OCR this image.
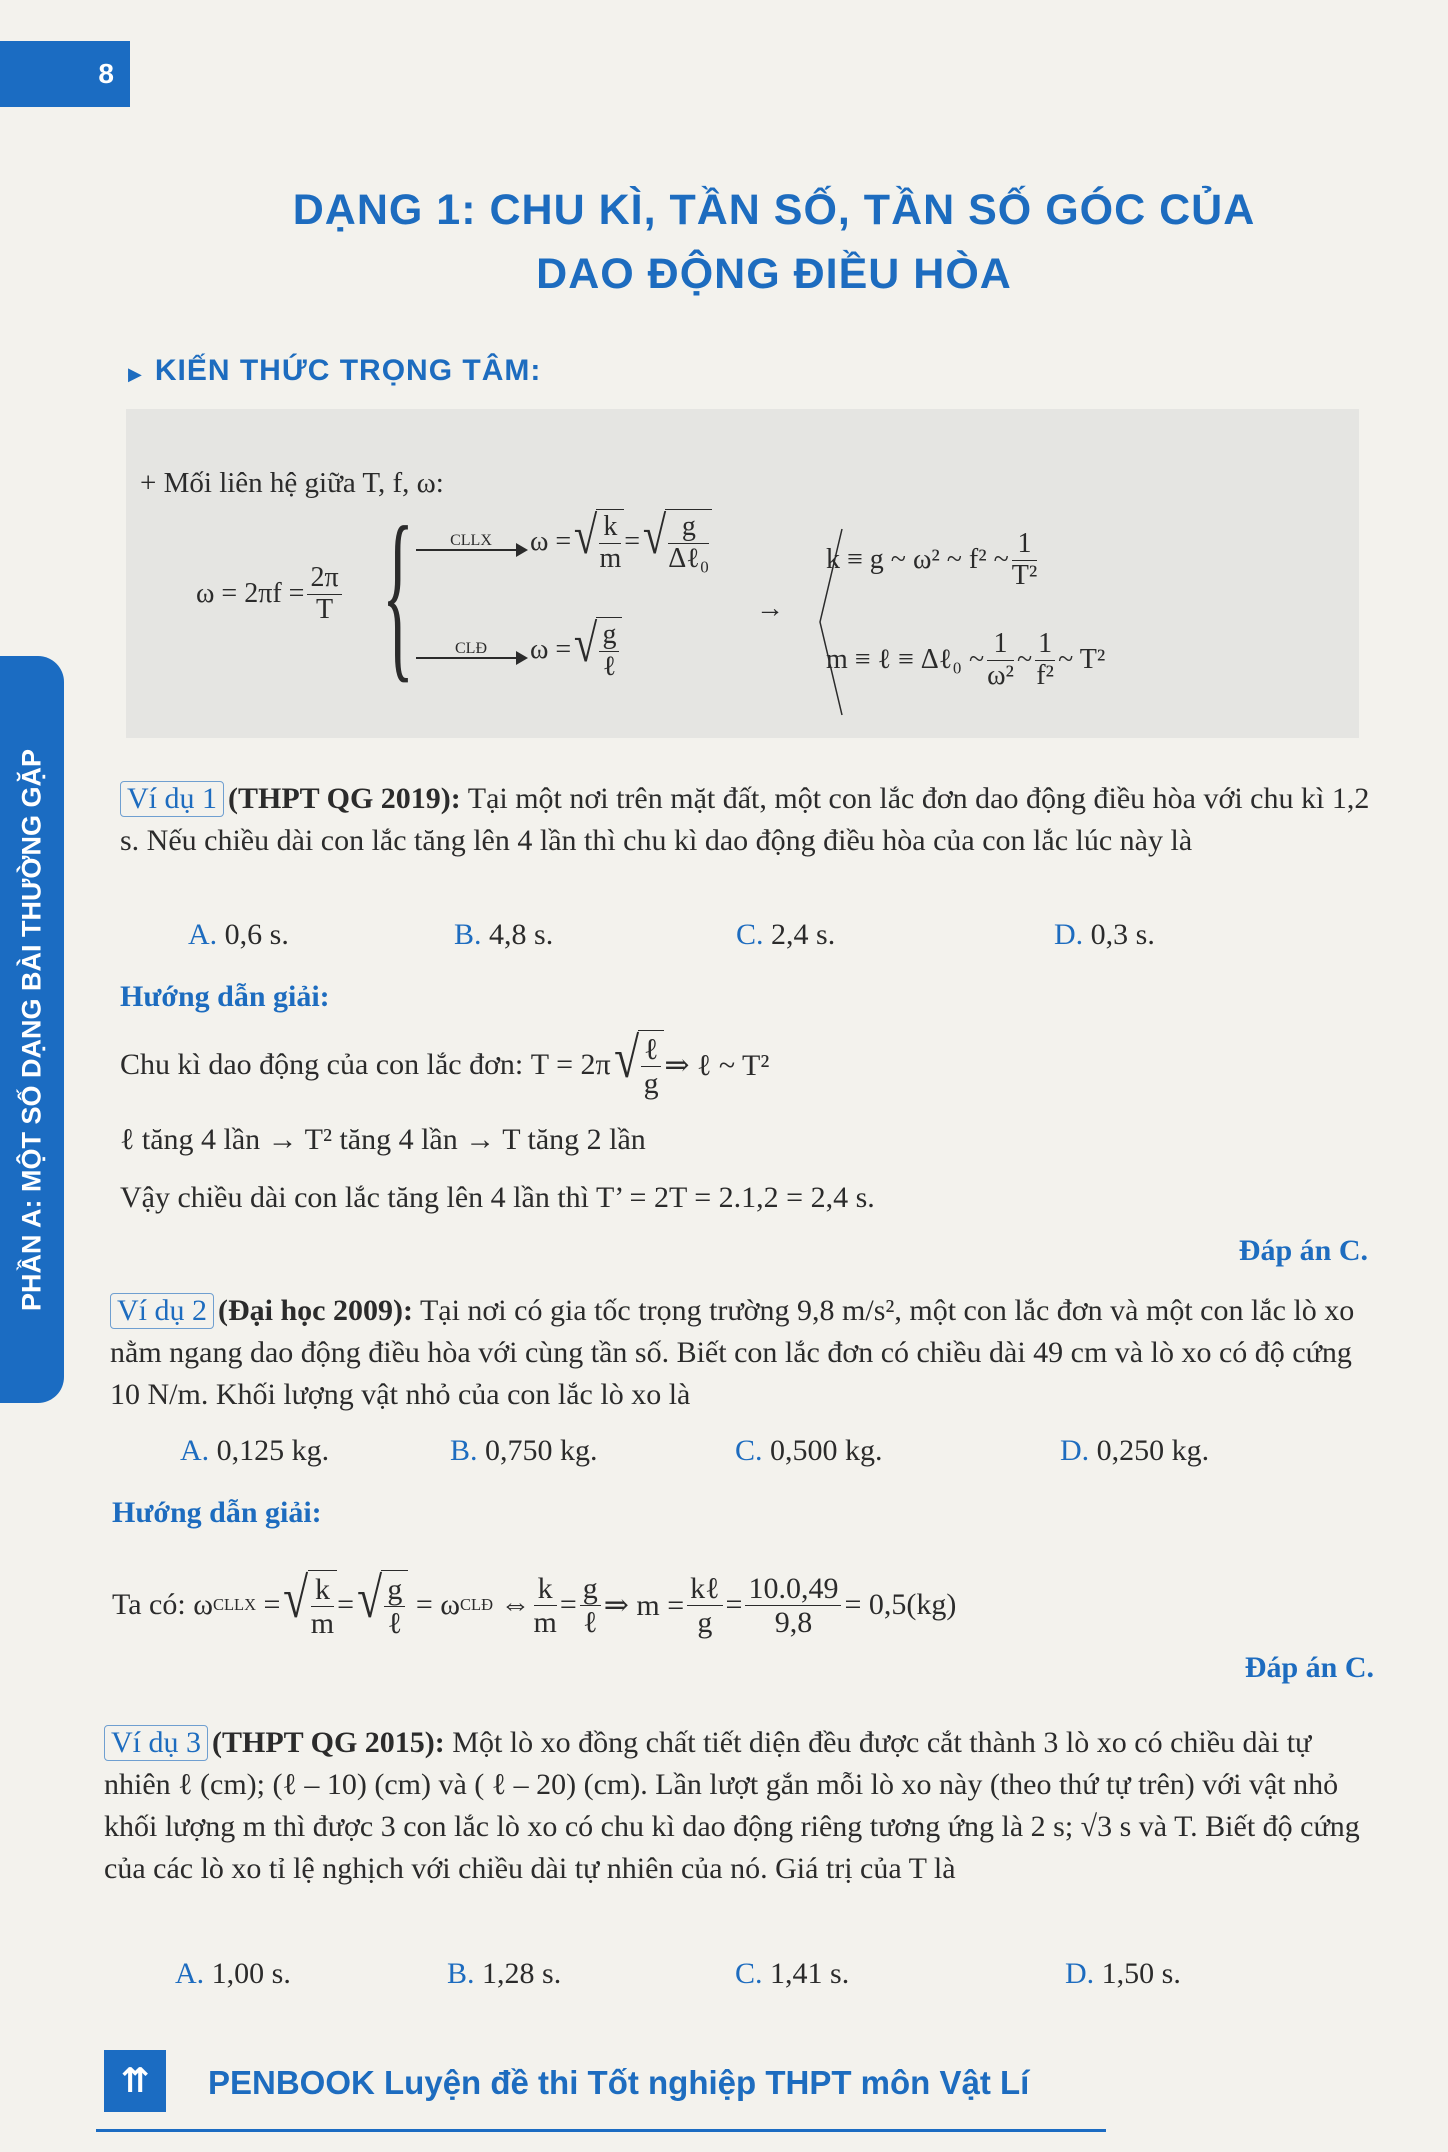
8
DẠNG 1: CHU KÌ, TẦN SỐ, TẦN SỐ GÓC CỦA
DAO ĐỘNG ĐIỀU HÒA
▶ KIẾN THỨC TRỌNG TÂM:
+ Mối liên hệ giữa T, f, ω:
$\omega = 2\pi f = \frac{2\pi}{T}$ { CLLX ω = √ $\frac{k}{m}$ = √ $\frac{g}{\text{Δℓ₀}}$
CLĐ ω = √ $\frac{g}{\text{ℓ}}$
→
k ≡ g ~ ω² ~ f² ~ $\frac{1}{\text{T²}}$
m ≡ ℓ ≡ Δℓ₀ ~ $\frac{1}{\text{ω²}}$ ~ $\frac{1}{\text{f²}}$ ~ T²
PHẦN A: MỘT SỐ DẠNG BÀI THƯỜNG GẶP	Ví dụ 1 (THPT QG 2019): Tại một nơi trên mặt đất, một con lắc đơn dao động điều hòa với chu kì 1,2 s. Nếu chiều dài con lắc tăng lên 4 lần thì chu kì dao động điều hòa của con lắc lúc này là
A. 0,6 s.	B. 4,8 s.	C. 2,4 s.	D. 0,3 s.
Hướng dẫn giải:
Chu kì dao động của con lắc đơn:
T = 2π √ $\frac{\text{ℓ}}{g}$ ⇒ ℓ ~ T²
ℓ tăng 4 lần → T² tăng 4 lần → T tăng 2 lần
Vậy chiều dài con lắc tăng lên 4 lần thì T’ = 2T = 2.1,2 = 2,4 s.
Đáp án C.
Ví dụ 2 (Đại học 2009): Tại nơi có gia tốc trọng trường 9,8 m/s², một con lắc đơn và một con lắc lò xo nằm ngang dao động điều hòa với cùng tần số. Biết con lắc đơn có chiều dài 49 cm và lò xo có độ cứng 10 N/m. Khối lượng vật nhỏ của con lắc lò xo là
A. 0,125 kg.	B. 0,750 kg.	C. 0,500 kg.	D. 0,250 kg.
Hướng dẫn giải:
Ta có: ω CLLX
= √ $\frac{k}{m}$ = √ $\frac{g}{\text{ℓ}}$
= ω CLĐ
⇔ $\frac{k}{m} = \frac{g}{\text{ℓ}}$ ⇒ $m = \frac{\text{kℓ}}{g} = \frac{10.0,49}{9,8} = 0,5(kg)$
Đáp án C.
Ví dụ 3 (THPT QG 2015): Một lò xo đồng chất tiết diện đều được cắt thành 3 lò xo có chiều dài tự nhiên ℓ (cm); (ℓ – 10) (cm) và ( ℓ – 20) (cm). Lần lượt gắn mỗi lò xo này (theo thứ tự trên) với vật nhỏ khối lượng m thì được 3 con lắc lò xo có chu kì dao động riêng tương ứng là 2 s; √3 s và T. Biết độ cứng của các lò xo tỉ lệ nghịch với chiều dài tự nhiên của nó. Giá trị của T là
A. 1,00 s.	B. 1,28 s.	C. 1,41 s.	D. 1,50 s.
⇈	PENBOOK Luyện đề thi Tốt nghiệp THPT môn Vật Lí
